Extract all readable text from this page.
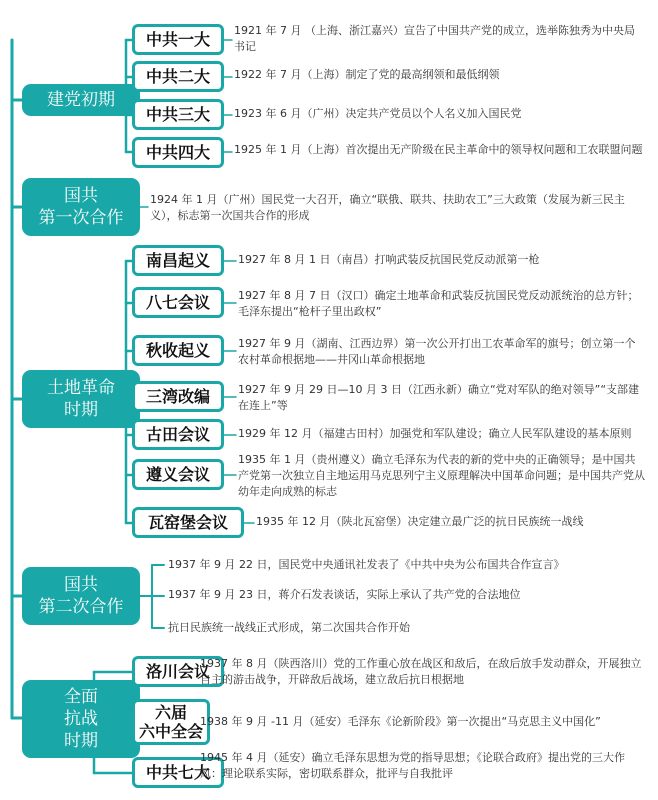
建党初期
中共一大 1921 年 7 月 （上海、浙江嘉兴）宣告了中国共产党的成立，选举陈独秀为中央局书记
中共二大 1922 年 7 月（上海）制定了党的最高纲领和最低纲领
中共三大 1923 年 6 月（广州）决定共产党员以个人名义加入国民党
中共四大 1925 年 1 月（上海）首次提出无产阶级在民主革命中的领导权问题和工农联盟问题
国共
第一次合作
1924 年 1 月（广州）国民党一大召开，确立“联俄、联共、扶助农工”三大政策（发展为新三民主义），标志第一次国共合作的形成
土地革命
时期
南昌起义	1927 年 8 月 1 日（南昌）打响武装反抗国民党反动派第一枪
八七会议	1927 年 8 月 7 日（汉口）确定土地革命和武装反抗国民党反动派统治的总方针；毛泽东提出“枪杆子里出政权”
秋收起义	1927 年 9 月（湖南、江西边界）第一次公开打出工农革命军的旗号；创立第一个农村革命根据地——井冈山革命根据地
三湾改编	1927 年 9 月 29 日—10 月 3 日（江西永新）确立“党对军队的绝对领导”“支部建在连上”等
古田会议	1929 年 12 月（福建古田村）加强党和军队建设；确立人民军队建设的基本原则
遵义会议
1935 年 1 月（贵州遵义）确立毛泽东为代表的新的党中央的正确领导；是中国共产党第一次独立自主地运用马克思列宁主义原理解决中国革命问题；是中国共产党从幼年走向成熟的标志
瓦窑堡会议	1935 年 12 月（陕北瓦窑堡）决定建立最广泛的抗日民族统一战线
国共
第二次合作
1937 年 9 月 22 日，国民党中央通讯社发表了《中共中央为公布国共合作宣言》
1937 年 9 月 23 日，蒋介石发表谈话，实际上承认了共产党的合法地位
抗日民族统一战线正式形成，第二次国共合作开始
全面
抗战
时期
洛川会议
1937 年 8 月（陕西洛川）党的工作重心放在战区和敌后，在敌后放手发动群众，开展独立自主的游击战争，开辟敌后战场，建立敌后抗日根据地
六届
六中全会
1938 年 9 月 -11 月（延安）毛泽东《论新阶段》第一次提出“马克思主义中国化”
中共七大
1945 年 4 月（延安）确立毛泽东思想为党的指导思想；《论联合政府》提出党的三大作风：理论联系实际，密切联系群众，批评与自我批评
